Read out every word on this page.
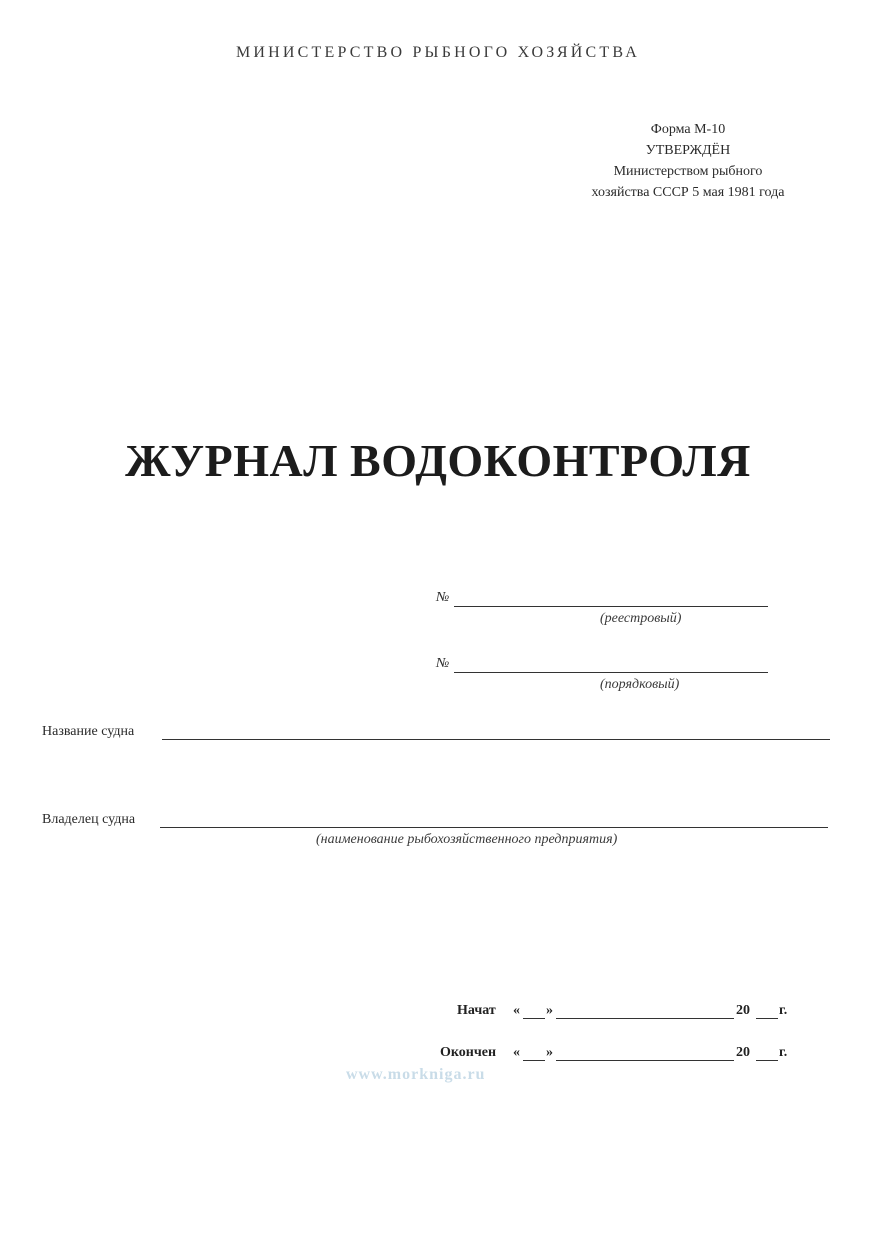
МИНИСТЕРСТВО РЫБНОГО ХОЗЯЙСТВА
Форма М-10
УТВЕРЖДЁН
Министерством рыбного
хозяйства СССР 5 мая 1981 года
ЖУРНАЛ ВОДОКОНТРОЛЯ
№
(реестровый)
№
(порядковый)
Название судна
Владелец судна
(наименование рыбохозяйственного предприятия)
Начат « »	20 г.
Окончен « »	20 г.
www.morkniga.ru
